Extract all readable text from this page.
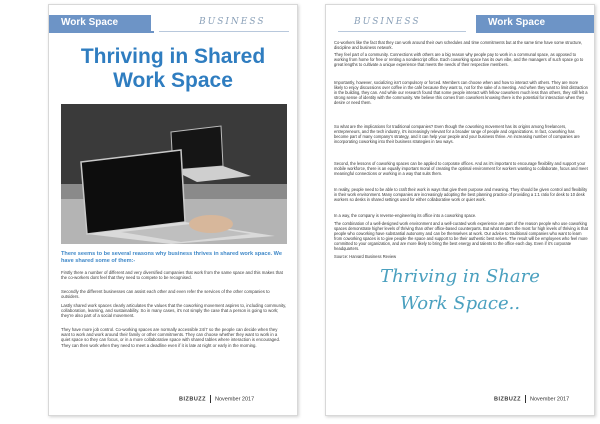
Work Space	BUSINESS
Thriving in Shared
Work Space
There seems to be several reasons why business thrives in shared work space. We have shared some of them:-

Firstly there a number of different and very diversified companies that work from the same space and this makes that the co-workers dont feel that they need to compete to be recognised.

Secondly the different businesses can assist each other and even refer the services of the other companies to outsiders.

Lastly shared work spaces clearly articulates the values that the coworking movement aspires to, including community, collaboration, learning, and sustainability. So in many cases, it's not simply the case that a person is going to work; they're also part of a social movement.

They have more job control. Co-working spaces are normally accessible 24/7 so the people can decide when they want to work and work around their family or other commitments. They can choose whether they want to work in a quiet space so they can focus, or in a more collaborative space with shared tables where interaction is encouraged. They can then work when they need to meet a deadline even if it is late at night or early in the morning.

BIZBUZZ November 2017
BUSINESS	Work Space

Co-workers like the fact that they can work around their own schedules and time commitments but at the same time have some structure, discipline and business network.

They feel part of a community. Connections with others are a big reason why people pay to work in a communal space, as opposed to working from home for free or renting a nondescript office. Each coworking space has its own vibe, and the managers of such space go to great lengths to cultivate a unique experience that meets the needs of their respective members.

Importantly, however, socializing isn't compulsory or forced. Members can choose when and how to interact with others. They are more likely to enjoy discussions over coffee in the café because they want to, not for the sake of a meeting. And when they want to limit distraction in the building, they can. And while our research found that some people interact with fellow coworkers much less than others, they still felt a strong sense of identity with the community. We believe this comes from coworkers knowing there is the potential for interaction when they desire or need them.

So what are the implications for traditional companies? Even though the coworking movement has its origins among freelancers, entrepreneurs, and the tech industry, it's increasingly relevant for a broader range of people and organizations. In fact, coworking has become part of many company's strategy, and it can help your people and your business thrive. An increasing number of companies are incorporating coworking into their business strategies in two ways.

Second, the lessons of coworking spaces can be applied to corporate offices. And as it's important to encourage flexibility and support your mobile workforce, there is an equally important moral of creating the optimal environment for workers wanting to collaborate, focus and meet meaningful connections or working in a way that suits them.

In reality, people need to be able to craft their work in ways that give them purpose and meaning. They should be given control and flexibility in their work environment. Many companies are increasingly adopting the best planning practice of providing a 1:1 ratio for desk to 10 desk workers so desks in shared settings used for either collaborative work or quiet work.

In a way, the company is reverse-engineering its office into a coworking space.

The combination of a well-designed work environment and a well-curated work experience are part of the reason people who use coworking spaces demonstrate higher levels of thriving than other office-based counterparts. But what matters the most for high levels of thriving is that people who coworking have substantial autonomy and can be themselves at work. Our advice to traditional companies who want to learn from coworking spaces is to give people the space and support to be their authentic best selves. The result will be employees who feel more committed to your organization, and are more likely to bring the best energy and talents to the office each day. Even if it's corporate headquarters.

Source: Harvard Business Review

Thriving in Share
Work Space..
BIZBUZZ November 2017
